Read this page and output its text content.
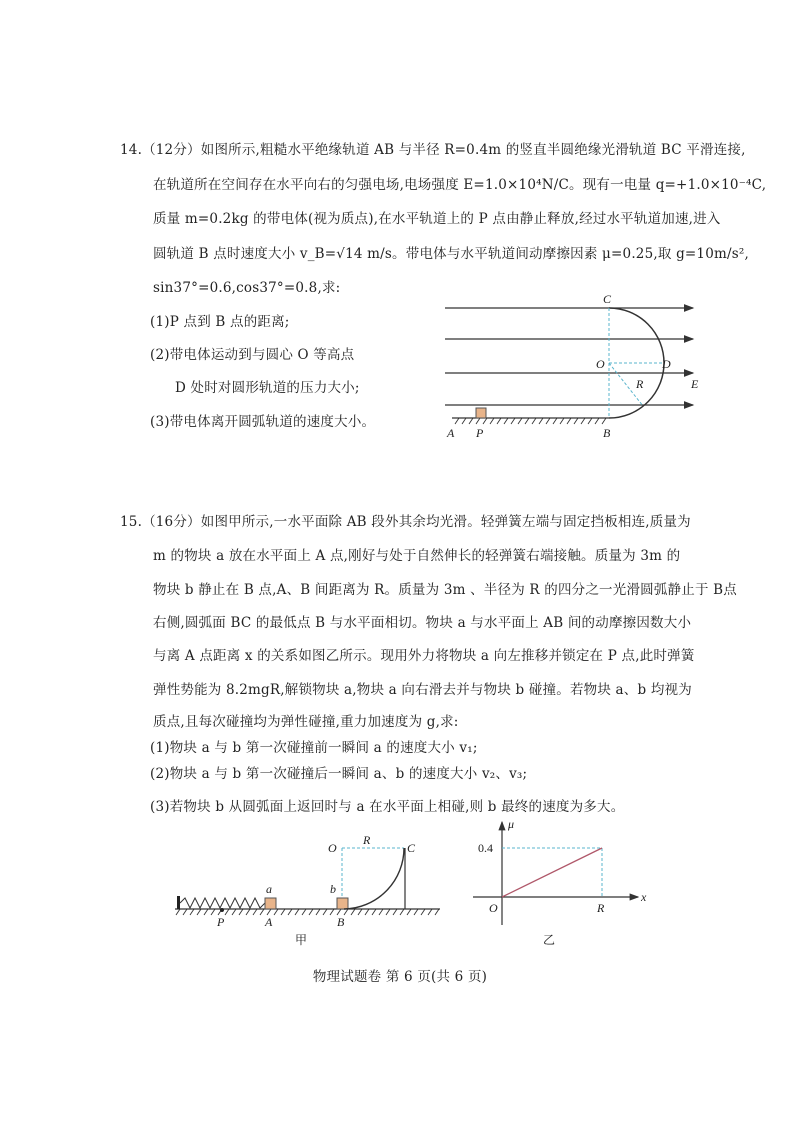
14.（12分）如图所示,粗糙水平绝缘轨道 AB 与半径 R=0.4m 的竖直半圆绝缘光滑轨道 BC 平滑连接,
在轨道所在空间存在水平向右的匀强电场,电场强度 E=1.0×10⁴N/C。现有一电量 q=+1.0×10⁻⁴C,
质量 m=0.2kg 的带电体(视为质点),在水平轨道上的 P 点由静止释放,经过水平轨道加速,进入
圆轨道 B 点时速度大小 v_B=√14 m/s。带电体与水平轨道间动摩擦因素 μ=0.25,取 g=10m/s²,
sin37°=0.6,cos37°=0.8,求:
(1)P 点到 B 点的距离;
(2)带电体运动到与圆心 O 等高点
D 处时对圆形轨道的压力大小;
(3)带电体离开圆弧轨道的速度大小。
A P	B
C
O	D
R	E
a	b
P	A	B
O
R
C
甲
μ
x
O
0.4
R
乙
15.（16分）如图甲所示,一水平面除 AB 段外其余均光滑。轻弹簧左端与固定挡板相连,质量为
m 的物块 a 放在水平面上 A 点,刚好与处于自然伸长的轻弹簧右端接触。质量为 3m 的
物块 b 静止在 B 点,A、B 间距离为 R。质量为 3m 、半径为 R 的四分之一光滑圆弧静止于 B点
右侧,圆弧面 BC 的最低点 B 与水平面相切。物块 a 与水平面上 AB 间的动摩擦因数大小
与离 A 点距离 x 的关系如图乙所示。现用外力将物块 a 向左推移并锁定在 P 点,此时弹簧
弹性势能为 8.2mgR,解锁物块 a,物块 a 向右滑去并与物块 b 碰撞。若物块 a、b 均视为
质点,且每次碰撞均为弹性碰撞,重力加速度为 g,求:
(1)物块 a 与 b 第一次碰撞前一瞬间 a 的速度大小 v₁;
(2)物块 a 与 b 第一次碰撞后一瞬间 a、b 的速度大小 v₂、v₃;
(3)若物块 b 从圆弧面上返回时与 a 在水平面上相碰,则 b 最终的速度为多大。
物理试题卷 第 6 页(共 6 页)
